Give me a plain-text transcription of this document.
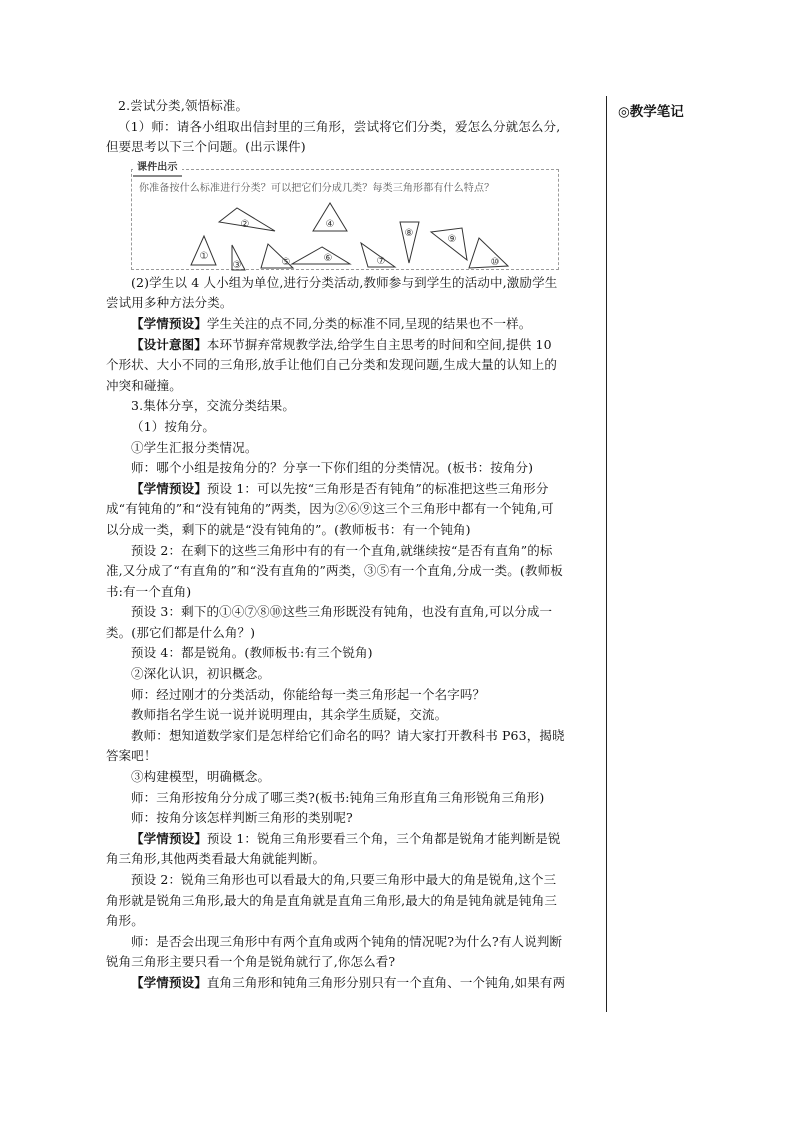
2.尝试分类,领悟标准。

（1）师：请各小组取出信封里的三角形，尝试将它们分类，爱怎么分就怎么分,但要思考以下三个问题。(出示课件)

课件出示
你准备按什么标准进行分类？可以把它们分成几类？每类三角形都有什么特点？
①
②
③
④
⑤	⑥	⑦
⑧
⑨
⑩

(2)学生以 4 人小组为单位,进行分类活动,教师参与到学生的活动中,激励学生尝试用多种方法分类。

【学情预设】学生关注的点不同,分类的标准不同,呈现的结果也不一样。

【设计意图】本环节摒弃常规教学法,给学生自主思考的时间和空间,提供 10 个形状、大小不同的三角形,放手让他们自己分类和发现问题,生成大量的认知上的冲突和碰撞。

3.集体分享，交流分类结果。

（1）按角分。

①学生汇报分类情况。

师：哪个小组是按角分的？分享一下你们组的分类情况。(板书：按角分)

【学情预设】预设 1：可以先按“三角形是否有钝角”的标准把这些三角形分成“有钝角的”和“没有钝角的”两类，因为②⑥⑨这三个三角形中都有一个钝角,可以分成一类，剩下的就是“没有钝角的”。(教师板书：有一个钝角)

预设 2：在剩下的这些三角形中有的有一个直角,就继续按“是否有直角”的标准,又分成了“有直角的”和“没有直角的”两类，③⑤有一个直角,分成一类。(教师板书:有一个直角)

预设 3：剩下的①④⑦⑧⑩这些三角形既没有钝角，也没有直角,可以分成一类。(那它们都是什么角？)

预设 4：都是锐角。(教师板书:有三个锐角)

②深化认识，初识概念。

师：经过刚才的分类活动，你能给每一类三角形起一个名字吗？

教师指名学生说一说并说明理由，其余学生质疑，交流。

教师：想知道数学家们是怎样给它们命名的吗？请大家打开教科书 P63，揭晓答案吧！

③构建模型，明确概念。

师：三角形按角分分成了哪三类?(板书:钝角三角形直角三角形锐角三角形)

师：按角分该怎样判断三角形的类别呢?

【学情预设】预设 1：锐角三角形要看三个角，三个角都是锐角才能判断是锐角三角形,其他两类看最大角就能判断。

预设 2：锐角三角形也可以看最大的角,只要三角形中最大的角是锐角,这个三角形就是锐角三角形,最大的角是直角就是直角三角形,最大的角是钝角就是钝角三角形。

师：是否会出现三角形中有两个直角或两个钝角的情况呢?为什么?有人说判断锐角三角形主要只看一个角是锐角就行了,你怎么看?

【学情预设】直角三角形和钝角三角形分别只有一个直角、一个钝角,如果有两

◎教学笔记
